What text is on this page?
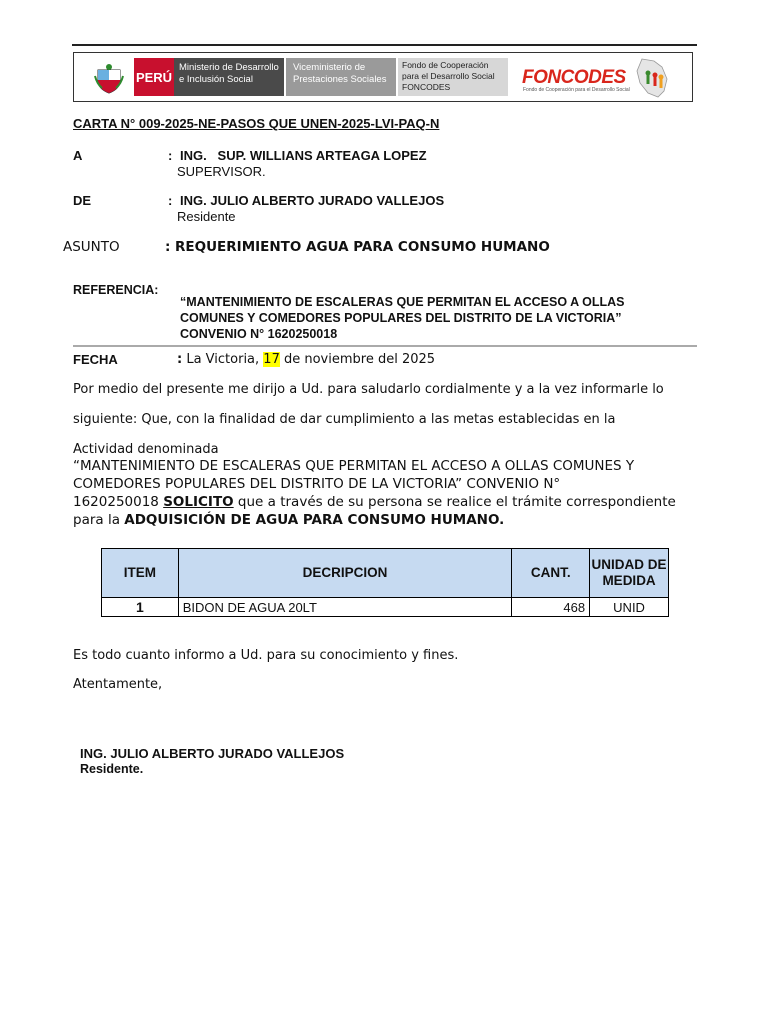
PERÚ
Ministerio de Desarrollo e Inclusión Social
Viceministerio de Prestaciones Sociales
Fondo de Cooperación para el Desarrollo Social FONCODES	FONCODES
Fondo de Cooperación para el Desarrollo Social
CARTA N° 009-2025-NE-PASOS QUE UNEN-2025-LVI-PAQ-N
A	: ING.   SUP. WILLIANS ARTEAGA LOPEZ
SUPERVISOR.
DE	: ING. JULIO ALBERTO JURADO VALLEJOS
Residente
ASUNTO	: REQUERIMIENTO AGUA PARA CONSUMO HUMANO
REFERENCIA:
“MANTENIMIENTO DE ESCALERAS QUE PERMITAN EL ACCESO A OLLAS
COMUNES Y COMEDORES POPULARES DEL DISTRITO DE LA VICTORIA”
CONVENIO N° 1620250018
FECHA	: La Victoria, 17 de noviembre del 2025
Por medio del presente me dirijo a Ud. para saludarlo cordialmente y a la vez informarle lo
siguiente: Que, con la finalidad de dar cumplimiento a las metas establecidas en la
Actividad denominada
“MANTENIMIENTO DE ESCALERAS QUE PERMITAN EL ACCESO A OLLAS COMUNES Y
COMEDORES POPULARES DEL DISTRITO DE LA VICTORIA” CONVENIO N°
1620250018 SOLICITO que a través de su persona se realice el trámite correspondiente
para la ADQUISICIÓN DE AGUA PARA CONSUMO HUMANO.
ITEM	DECRIPCION	CANT.	UNIDAD DE MEDIDA
1	BIDON DE AGUA 20LT	468	UNID
Es todo cuanto informo a Ud. para su conocimiento y fines.
Atentamente,
ING. JULIO ALBERTO JURADO VALLEJOS
Residente.
